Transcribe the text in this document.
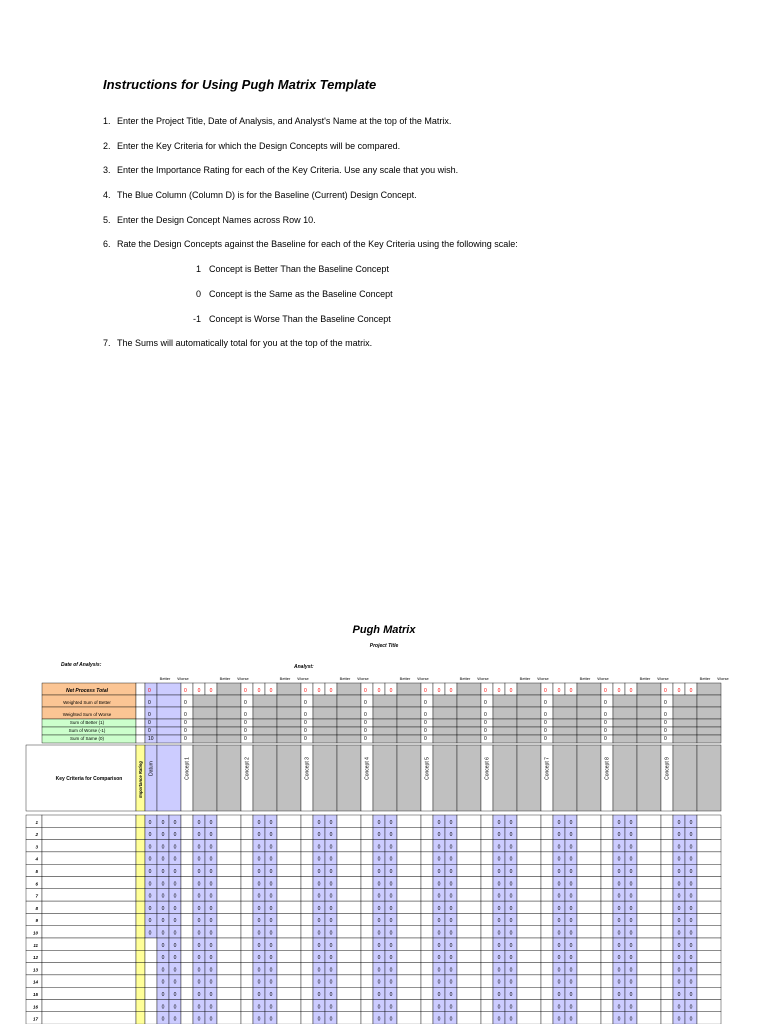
Instructions for Using Pugh Matrix Template
1. Enter the Project Title, Date of Analysis, and Analyst's Name at the top of the Matrix.
2. Enter the Key Criteria for which the Design Concepts will be compared.
3. Enter the Importance Rating for each of the Key Criteria. Use any scale that you wish.
4. The Blue Column (Column D) is for the Baseline (Current) Design Concept.
5. Enter the Design Concept Names across Row 10.
6. Rate the Design Concepts against the Baseline for each of the Key Criteria using the following scale:
1 Concept is Better Than the Baseline Concept
0 Concept is the Same as the Baseline Concept
-1 Concept is Worse Than the Baseline Concept
7. The Sums will automatically total for you at the top of the matrix.
Pugh Matrix
Project Title
Date of Analysis:	Analyst:
Better Worse	Better Worse	Better Worse	Better Worse	Better Worse	Better Worse	Better Worse	Better Worse	Better Worse	Better Worse
Net Process Total	0	0 0 0	0 0 0	0 0 0	0 0 0	0 0 0	0 0 0	0 0 0	0 0 0	0 0 0
Weighted Sum of Better	0	0	0	0	0	0	0	0	0	0
Weighted Sum of Worse	0	0	0	0	0	0	0	0	0	0
Sum of Better (1)	0	0	0	0	0	0	0	0	0	0
Sum of Worse (-1)	0	0	0	0	0	0	0	0	0	0
Sum of Same (0)	10	0	0	0	0	0	0	0	0	0
Key Criteria for Comparison	Importance Rating Datum	Concept 1	Concept 2	Concept 3	Concept 4	Concept 5	Concept 6	Concept 7	Concept 8	Concept 9
1	0 0 0	0 0	0 0	0 0	0 0	0 0	0 0	0 0	0 0	0 0
2	0 0 0	0 0	0 0	0 0	0 0	0 0	0 0	0 0	0 0	0 0
3	0 0 0	0 0	0 0	0 0	0 0	0 0	0 0	0 0	0 0	0 0
4	0 0 0	0 0	0 0	0 0	0 0	0 0	0 0	0 0	0 0	0 0
5	0 0 0	0 0	0 0	0 0	0 0	0 0	0 0	0 0	0 0	0 0
6	0 0 0	0 0	0 0	0 0	0 0	0 0	0 0	0 0	0 0	0 0
7	0 0 0	0 0	0 0	0 0	0 0	0 0	0 0	0 0	0 0	0 0
8	0 0 0	0 0	0 0	0 0	0 0	0 0	0 0	0 0	0 0	0 0
9	0 0 0	0 0	0 0	0 0	0 0	0 0	0 0	0 0	0 0	0 0
10	0 0 0	0 0	0 0	0 0	0 0	0 0	0 0	0 0	0 0	0 0
11	0 0	0 0	0 0	0 0	0 0	0 0	0 0	0 0	0 0	0 0
12	0 0	0 0	0 0	0 0	0 0	0 0	0 0	0 0	0 0	0 0
13	0 0	0 0	0 0	0 0	0 0	0 0	0 0	0 0	0 0	0 0
14	0 0	0 0	0 0	0 0	0 0	0 0	0 0	0 0	0 0	0 0
15	0 0	0 0	0 0	0 0	0 0	0 0	0 0	0 0	0 0	0 0
16	0 0	0 0	0 0	0 0	0 0	0 0	0 0	0 0	0 0	0 0
17	0 0	0 0	0 0	0 0	0 0	0 0	0 0	0 0	0 0	0 0
